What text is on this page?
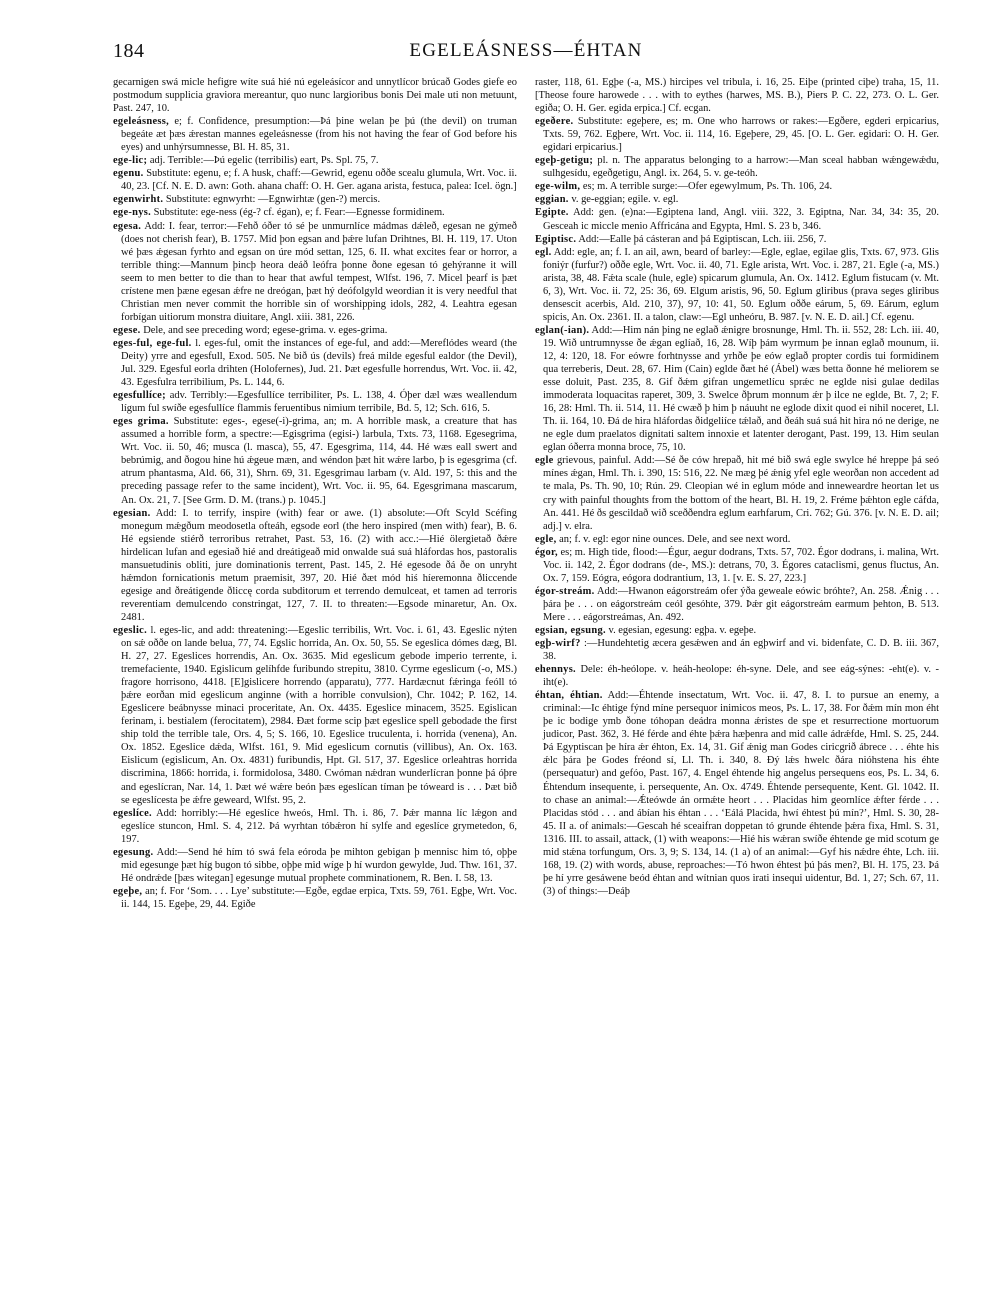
184	EGELEÁSNESS—ÉHTAN
gecarnigen swá micle hefigre wíte suá hié nú egeleásícor and unnytlícor brúcað Godes giefe eo postmodum supplicia graviora mereantur, quo nunc largioribus bonis Dei male uti non metuunt, Past. 247, 10.
egeleásness, e; f. Confidence, presumption:—Þá þine welan þe þú (the devil) on truman begeáte æt þæs ǽrestan mannes egeleásnesse (from his not having the fear of God before his eyes) and unhýrsumnesse, Bl. H. 85, 31.
ege-lic; adj. Terrible:—Þú egelic (terribilis) eart, Ps. Spl. 75, 7.
egenu. Substitute: egenu, e; f. A husk, chaff:—Gewrid, egenu oððe scealu glumula, Wrt. Voc. ii. 40, 23. [Cf. N. E. D. awn: Goth. ahana chaff: O. H. Ger. agana arista, festuca, palea: Icel. ögn.]
egenwirht. Substitute: egnwyrht: —Egnwirhtæ (gen-?) mercis.
ege-nys. Substitute: ege-ness (ég-? cf. égan), e; f. Fear:—Egnesse formidinem.
egesa. Add: I. fear, terror:—Fehð óðer tó sé þe unmurnlíce mádmas dǽleð, egesan ne gýmeð (does not cherish fear), B. 1757. Mid þon egsan and þǽre lufan Drihtnes, Bl. H. 119, 17. Uton wé þæs ǽgesan fyrhto and egsan on úre mód settan, 125, 6. II. what excites fear or horror, a terrible thing:—Mannum þincþ heora deáð leófra þonne ðone egesan tó gehýranne it will seem to men better to die than to hear that awful tempest, Wlfst. 196, 7. Micel þearf is þæt crístene men þæne egesan ǽfre ne dreógan, þæt hý deófolgyld weordian it is very needful that Christian men never commit the horrible sin of worshipping idols, 282, 4. Leahtra egesan forbígan uitiorum monstra diuitare, Angl. xiii. 381, 226.
egese. Dele, and see preceding word; egese-grima. v. eges-grima.
eges-ful, ege-ful. l. eges-ful, omit the instances of ege-ful, and add:—Mereflódes weard (the Deity) yrre and egesfull, Exod. 505. Ne bið ús (devils) freá milde egesful ealdor (the Devil), Jul. 329. Egesful eorla drihten (Holofernes), Jud. 21. Þæt egesfulle horrendus, Wrt. Voc. ii. 42, 43. Egesfulra terribilium, Ps. L. 144, 6.
egesfullíce; adv. Terribly:—Egesfullíce terribiliter, Ps. L. 138, 4. Óþer dæl wæs weallendum lígum ful swíðe egesfullíce flammis feruentibus nimium terribile, Bd. 5, 12; Sch. 616, 5.
eges grima. Substitute: eges-, egese(-i)-grima, an; m. A horrible mask, a creature that has assumed a horrible form, a spectre:—Egisgrima (egisi-) larbula, Txts. 73, 1168. Egesegrima, Wrt. Voc. ii. 50, 46; musca (l. masca), 55, 47. Egesgrima, 114, 44. Hé wæs eall swert and bebrúmig, and ðogou hine hú ǽgeue mæn, and wéndon þæt hit wǽre larbo, þ is egesgrima (cf. atrum phantasma, Ald. 66, 31), Shrn. 69, 31. Egesgrimau larbam (v. Ald. 197, 5: this and the preceding passage refer to the same incident), Wrt. Voc. ii. 95, 64. Egesgrimana mascarum, An. Ox. 21, 7. [See Grm. D. M. (trans.) p. 1045.]
egesian. Add: I. to terrify, inspire (with) fear or awe. (1) absolute:—Oft Scyld Scéfing monegum mǽgðum meodosetla ofteáh, egsode eorl (the hero inspired (men with) fear), B. 6. Hé egsiende stiérð terroribus retrahet, Past. 53, 16. (2) with acc.:—Hié ölergietað ðǽre hirdelican lufan and egesiað hié and dreátigeað mid onwalde suá suá hláfordas hos, pastoralis mansuetudinis obliti, jure dominationis terrent, Past. 145, 2. Hé egesode ðá ðe on unryht hǽmdon fornicationis metum praemisit, 397, 20. Hié ðæt mód hiś híeremonna ðliccende egesige and ðreátigende ðliccę corda subditorum et terrendo demulceat, et tamen ad terroris reverentiam demulcendo constringat, 127, 7. II. to threaten:—Egsode minaretur, An. Ox. 2481.
egeslic. l. eges-lic, and add: threatening:—Egeslic terribilis, Wrt. Voc. i. 61, 43. Egeslic nýten on sǽ oððe on lande belua, 77, 74. Egslic horrida, An. Ox. 50, 55. Se egeslica dómes dæg, Bl. H. 27, 27. Egeslices horrendis, An. Ox. 3635. Mid egeslicum gebode imperio terrente, i. tremefaciente, 1940. Egislicum gelíhfde furibundo strepitu, 3810. Cyrme egeslicum (-o, MS.) fragore horrisono, 4418. [E]gislicere horrendo (apparatu), 777. Hardæcnut fǽringa feóll tó þǽre eorðan mid egeslicum anginne (with a horrible convulsion), Chr. 1042; P. 162, 14. Egeslicere beábnysse minaci proceritate, An. Ox. 4435. Egeslice minacem, 3525. Egislican ferinam, i. bestialem (ferocitatem), 2984. Ðæt forme scip þæt egeslice spell gebodade the first ship told the terrible tale, Ors. 4, 5; S. 166, 10. Egeslice truculenta, i. horrida (venena), An. Ox. 1852. Egeslice dǽda, Wlfst. 161, 9. Mid egeslicum cornutis (villibus), An. Ox. 163. Eislicum (egislicum, An. Ox. 4831) furibundis, Hpt. Gl. 517, 37. Egeslice orleahtras horrida discrimina, 1866: horrida, i. formidolosa, 3480. Cwóman nǽdran wunderlícran þonne þá óþre and egeslícran, Nar. 14, 1. Þæt wé wǽre beón þæs egeslícan tíman þe tóweard is . . . Þæt bið se egeslícesta þe ǽfre geweard, Wlfst. 95, 2.
egeslíce. Add: horribly:—Hé egeslíce hweós, Hml. Th. i. 86, 7. Þǽr manna líc lǽgon and egeslíce stuncon, Hml. S. 4, 212. Þá wyrhtan tóbǽron hí sylfe and egeslíce grymetedon, 6, 197.
egesung. Add:—Send hé hím tó swá fela eóroda þe mihton gebigan þ mennisc him tó, oþþe mid egesunge þæt híg bugon tó sibbe, oþþe mid wíge þ hí wurdon gewylde, Jud. Thw. 161, 37. Hé ondrǽde [þæs witegan] egesunge mutual prophete comminationem, R. Ben. I. 58, 13.
egeþe, an; f. For ‘Som. . . . Lye’ substitute:—Egðe, egdae erpica, Txts. 59, 761. Egþe, Wrt. Voc. ii. 144, 15. Egeþe, 29, 44. Egiðe
raster, 118, 61. Egþe (-a, MS.) hircipes vel tribula, i. 16, 25. Eiþe (printed ciþe) traha, 15, 11. [Theose foure harowede . . . with to eythes (harwes, MS. B.), Piers P. C. 22, 273. O. L. Ger. egiða; O. H. Ger. egida erpica.] Cf. ecgan.
egeðere. Substitute: egeþere, es; m. One who harrows or rakes:—Egðere, egderi erpicarius, Txts. 59, 762. Egþere, Wrt. Voc. ii. 114, 16. Egeþere, 29, 45. [O. L. Ger. egidari: O. H. Ger. egidari erpicarius.]
egeþ-getigu; pl. n. The apparatus belonging to a harrow:—Man sceal habban wǽngewǽdu, sulhgesídu, egeðgetigu, Angl. ix. 264, 5. v. ge-teóh.
ege-wilm, es; m. A terrible surge:—Ofer egewylmum, Ps. Th. 106, 24.
eggian. v. ge-eggian; egile. v. egl.
Egipte. Add: gen. (e)na:—Egiptena land, Angl. viii. 322, 3. Egiptna, Nar. 34, 34: 35, 20. Gesceah ic miccle menio Affricána and Egypta, Hml. S. 23 b, 346.
Egiptisc. Add:—Ealle þá cásteran and þá Egiptiscan, Lch. iii. 256, 7.
egl. Add: egle, an; f. I. an ail, awn, beard of barley:—Egle, eglae, egilae glis, Txts. 67, 973. Glis foniýr (furfur?) oððe egle, Wrt. Voc. ii. 40, 71. Egle arista, Wrt. Voc. i. 287, 21. Egle (-a, MS.) arista, 38, 48. Fǽta scale (hule, egle) spicarum glumula, An. Ox. 1412. Eglum fistucam (v. Mt. 6, 3), Wrt. Voc. ii. 72, 25: 36, 69. Elgum aristis, 96, 50. Eglum gliribus (prava seges gliribus densescit acerbis, Ald. 210, 37), 97, 10: 41, 50. Eglum oððe eárum, 5, 69. Eárum, eglum spicis, An. Ox. 2361. II. a talon, claw:—Egl unheóru, B. 987. [v. N. E. D. ail.] Cf. egenu.
eglan(-ian). Add:—Him nán þing ne eglað ǽnigre brosnunge, Hml. Th. ii. 552, 28: Lch. iii. 40, 19. Wið untrumnysse ðe ǽgan eglíað, 16, 28. Wíþ þám wyrmum þe innan eglað mounum, ii. 12, 4: 120, 18. For eówre forhtnysse and yrhðe þe eów eglað propter cordis tui formidinem qua terreberis, Deut. 28, 67. Him (Cain) eglde ðæt hé (Ábel) wæs betta ðonne hé meliorem se esse doluit, Past. 235, 8. Gif ðǽm gifran ungemetlícu sprǽc ne eglde nisi gulae dedilas immoderata loquacitas raperet, 309, 3. Swelce ðþrum monnum ǽr þ ilce ne eglde, Bt. 7, 2; F. 16, 28: Hml. Th. ii. 514, 11. Hé cwæð þ him þ náuuht ne eglode dixit quod ei nihil noceret, Ll. Th. ii. 164, 10. Ðá de hira hláfordas ðidgeliíce tǽlað, and ðeáh suá suá hit hira nó ne derige, ne ne egle dum praelatos dignitati saltem innoxie et latenter derogant, Past. 199, 13. Him seulan eglan óðerra monna broce, 75, 10.
egle grievous, painful. Add:—Sé ðe ców hrepað, hit mé bið swá egle swylce hé hreppe þá seó mínes ǽgan, Hml. Th. i. 390, 15: 516, 22. Ne mæg þé ǽnig yfel egle weorðan non accedent ad te mala, Ps. Th. 90, 10; Rún. 29. Cleopian wé in eglum móde and inneweardre heortan let us cry with painful thoughts from the bottom of the heart, Bl. H. 19, 2. Fréme þǽhton egle cáfda, An. 441. Hé ðs gescildað wið sceððendra eglum earhfarum, Cri. 762; Gú. 376. [v. N. E. D. ail; adj.] v. elra.
egle, an; f. v. egl: egor nine ounces. Dele, and see next word.
égor, es; m. High tide, flood:—Égur, aegur dodrans, Txts. 57, 702. Égor dodrans, i. malina, Wrt. Voc. ii. 142, 2. Égor dodrans (de-, MS.): detrans, 70, 3. Égores cataclismi, genus fluctus, An. Ox. 7, 159. Eógra, eógora dodrantium, 13, 1. [v. E. S. 27, 223.]
égor-streám. Add:—Hwanon eágorstreám ofer ýða geweale eówic bróhte?, An. 258. Ǽnig . . . þára þe . . . on eágorstreám ceól gesóhte, 379. Þǽr git eágorstreám earmum þehton, B. 513. Mere . . . eágorstreámas, An. 492.
egsian, egsung. v. egesian, egesung: egþa. v. egeþe.
egþ-wirf? :—Hundehtetig æcera gesǽwen and án egþwirf and vi. bidenfate, C. D. B. iii. 367, 38.
ehennys. Dele: éh-heólope. v. heáh-heolope: éh-syne. Dele, and see eág-sýnes: -eht(e). v. -iht(e).
éhtan, éhtian. Add:—Éhtende insectatum, Wrt. Voc. ii. 47, 8. I. to pursue an enemy, a criminal:—Ic éhtige fýnd míne persequor inimicos meos, Ps. L. 17, 38. For ðǽm mín mon éht þe ic bodige ymb ðone tóhopan deádra monna ǽristes de spe et resurrectione mortuorum judicor, Past. 362, 3. Hé férde and éhte þǽra hæþenra and mid calle ádrǽfde, Hml. S. 25, 244. Þá Egyptiscan þe híra ǽr éhton, Ex. 14, 31. Gif ǽnig man Godes ciricgrið ábrece . . . éhte his ǽlc þára þe Godes fréond sí, Ll. Th. i. 340, 8. Ðý lǽs hwelc ðára nióhstena his éhte (persequatur) and gefóo, Past. 167, 4. Engel éhtende hig angelus persequens eos, Ps. L. 34, 6. Éhtendum insequente, i. persequente, An. Ox. 4749. Éhtende persequente, Kent. Gl. 1042. II. to chase an animal:—Ǽteówde án ormǽte heort . . . Placidas him geornlíce ǽfter férde . . . Placidas stód . . . and ábían his éhtan . . . ‘Eálá Placida, hwí éhtest þú mín?’, Hml. S. 30, 28-45. II a. of animals:—Gescah hé sceaifran doppetan tó grunde éhtende þǽra fixa, Hml. S. 31, 1316. III. to assail, attack, (1) with weapons:—Hié his wǽran swíðe éhtende ge mid scotum ge mid stǽna torfungum, Ors. 3, 9; S. 134, 14. (1 a) of an animal:—Gyf his nǽdre éhte, Lch. iii. 168, 19. (2) with words, abuse, reproaches:—Tó hwon éhtest þú þás men?, Bl. H. 175, 23. Þá þe hí yrre gesáwene beód éhtan and wítnian quos irati insequi uidentur, Bd. 1, 27; Sch. 67, 11. (3) of things:—Deáþ
